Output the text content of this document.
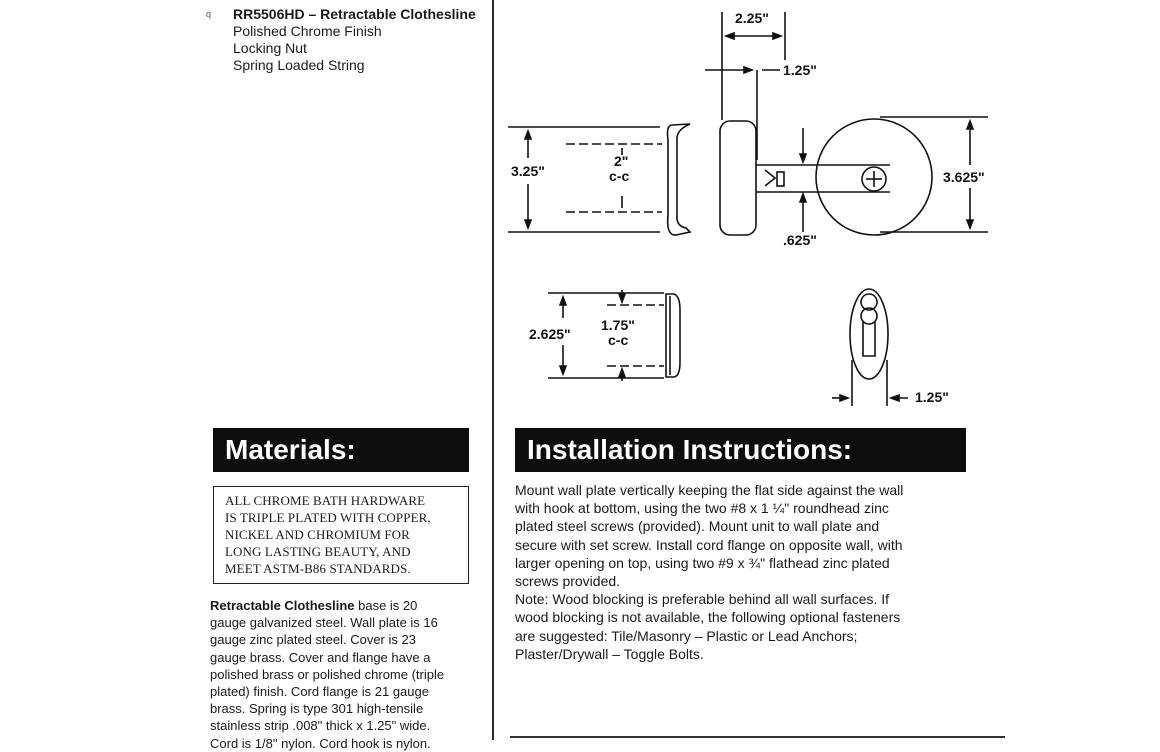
q RR5506HD – Retractable Clothesline
Polished Chrome Finish
Locking Nut
Spring Loaded String
2.25"
1.25"
3.25"
2"
c-c	3.625"
.625"
2.625"
1.75"
c-c
1.25"
Materials:
ALL CHROME BATH HARDWARE
IS TRIPLE PLATED WITH COPPER,
NICKEL AND CHROMIUM FOR
LONG LASTING BEAUTY, AND
MEET ASTM-B86 STANDARDS.
Retractable Clothesline base is 20
gauge galvanized steel. Wall plate is 16
gauge zinc plated steel. Cover is 23
gauge brass. Cover and flange have a
polished brass or polished chrome (triple
plated) finish. Cord flange is 21 gauge
brass. Spring is type 301 high-tensile
stainless strip .008" thick x 1.25" wide.
Cord is 1/8" nylon. Cord hook is nylon.
Installation Instructions:
Mount wall plate vertically keeping the flat side against the wall
with hook at bottom, using the two #8 x 1 ¼" roundhead zinc
plated steel screws (provided). Mount unit to wall plate and
secure with set screw. Install cord flange on opposite wall, with
larger opening on top, using two #9 x ¾" flathead zinc plated
screws provided.
Note: Wood blocking is preferable behind all wall surfaces. If
wood blocking is not available, the following optional fasteners
are suggested: Tile/Masonry – Plastic or Lead Anchors;
Plaster/Drywall – Toggle Bolts.
